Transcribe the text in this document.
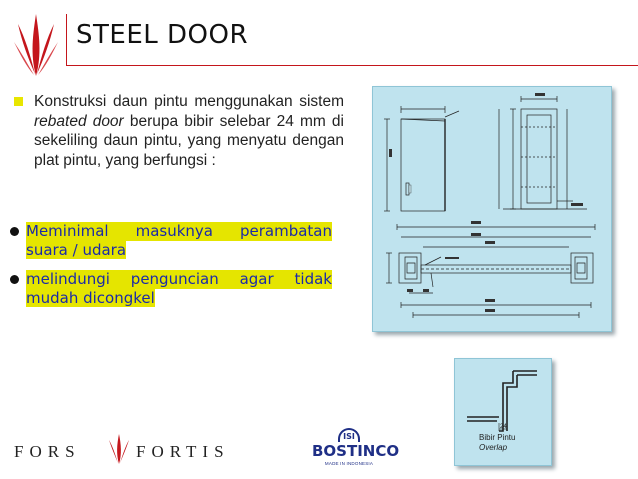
STEEL DOOR
Konstruksi daun pintu menggunakan sistem rebated door berupa bibir selebar 24 mm di sekeliling daun pintu, yang menyatu dengan plat pintu, yang berfungsi :
Meminimal masuknya perambatan
suara / udara
melindungi penguncian agar tidak
mudah dicongkel
24
Bibir Pintu
Overlap
FORS	FORTIS
ISI
BOSTINCO
MADE IN INDONESIA
